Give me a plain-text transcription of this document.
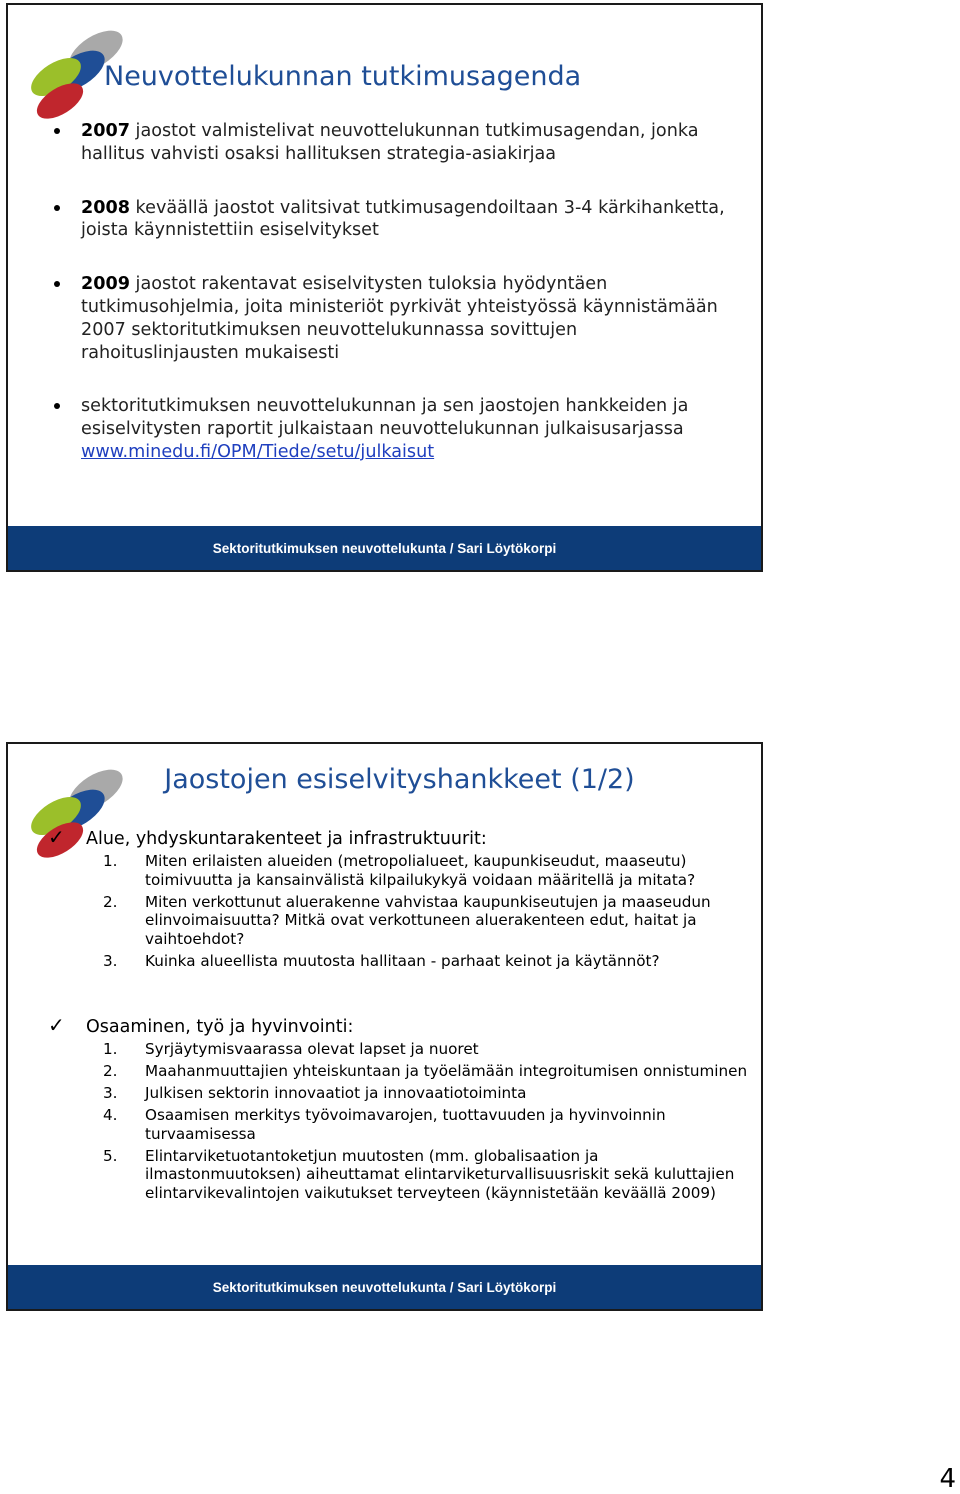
Neuvottelukunnan tutkimusagenda
2007 jaostot valmistelivat neuvottelukunnan tutkimusagendan, jonka hallitus vahvisti osaksi hallituksen strategia-asiakirjaa
2008 keväällä jaostot valitsivat tutkimusagendoiltaan 3-4 kärkihanketta, joista käynnistettiin esiselvitykset
2009 jaostot rakentavat esiselvitysten tuloksia hyödyntäen tutkimusohjelmia, joita ministeriöt pyrkivät yhteistyössä käynnistämään 2007 sektoritutkimuksen neuvottelukunnassa sovittujen rahoituslinjausten mukaisesti
sektoritutkimuksen neuvottelukunnan ja sen jaostojen hankkeiden ja esiselvitysten raportit julkaistaan neuvottelukunnan julkaisusarjassa www.minedu.fi/OPM/Tiede/setu/julkaisut
Sektoritutkimuksen neuvottelukunta / Sari Löytökorpi
Jaostojen esiselvityshankkeet (1/2)
✓ Alue, yhdyskuntarakenteet ja infrastruktuurit:
1. Miten erilaisten alueiden (metropolialueet, kaupunkiseudut, maaseutu) toimivuutta ja kansainvälistä kilpailukykyä voidaan määritellä ja mitata?
2. Miten verkottunut aluerakenne vahvistaa kaupunkiseutujen ja maaseudun elinvoimaisuutta? Mitkä ovat verkottuneen aluerakenteen edut, haitat ja vaihtoehdot?
3. Kuinka alueellista muutosta hallitaan - parhaat keinot ja käytännöt?
✓ Osaaminen, työ ja hyvinvointi:
1. Syrjäytymisvaarassa olevat lapset ja nuoret
2. Maahanmuuttajien yhteiskuntaan ja työelämään integroitumisen onnistuminen
3. Julkisen sektorin innovaatiot ja innovaatiotoiminta
4. Osaamisen merkitys työvoimavarojen, tuottavuuden ja hyvinvoinnin turvaamisessa
5. Elintarviketuotantoketjun muutosten (mm. globalisaation ja ilmastonmuutoksen) aiheuttamat elintarviketurvallisuusriskit sekä kuluttajien elintarvikevalintojen vaikutukset terveyteen (käynnistetään keväällä 2009)
Sektoritutkimuksen neuvottelukunta / Sari Löytökorpi
4
